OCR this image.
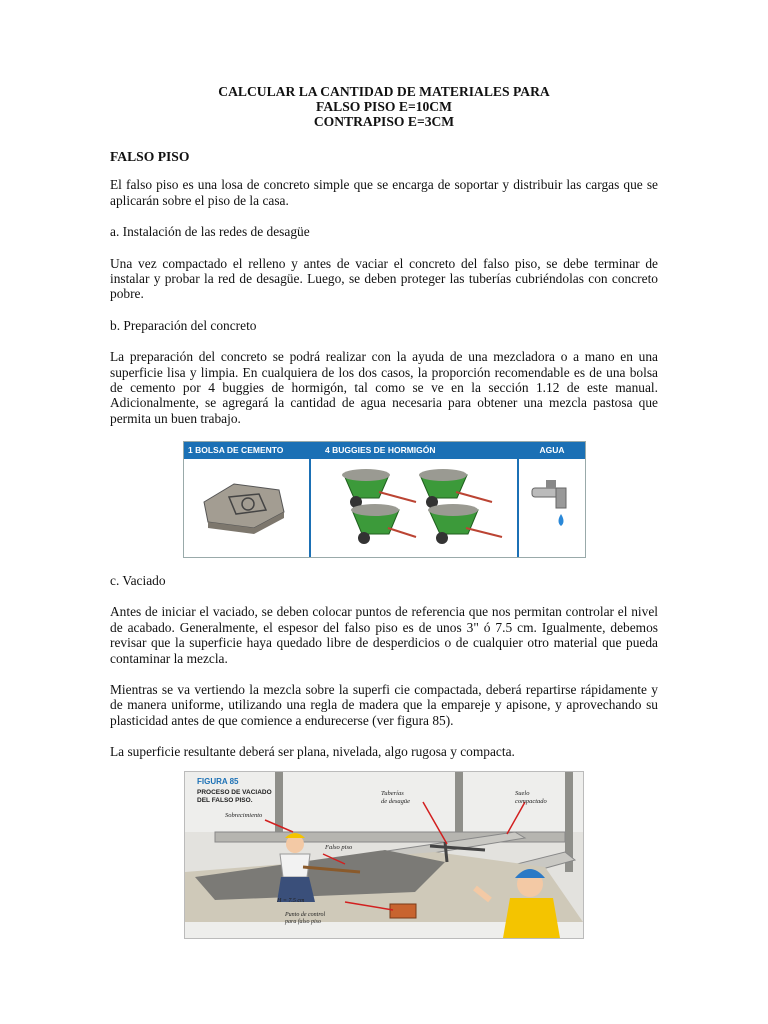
CALCULAR LA CANTIDAD DE MATERIALES PARA
FALSO PISO E=10CM
CONTRAPISO E=3CM
FALSO PISO

El falso piso es una losa de concreto simple que se encarga de soportar y distribuir las cargas que se aplicarán sobre el piso de la casa.

a. Instalación de las redes de desagüe

Una vez compactado el relleno y antes de vaciar el concreto del falso piso, se debe terminar de instalar y probar la red de desagüe. Luego, se deben proteger las tuberías cubriéndolas con concreto pobre.

b. Preparación del concreto

La preparación del concreto se podrá realizar con la ayuda de una mezcladora o a mano en una superficie lisa y limpia. En cualquiera de los dos casos, la proporción recomendable es de una bolsa de cemento por 4 buggies de hormigón, tal como se ve en la sección 1.12 de este manual. Adicionalmente, se agregará la cantidad de agua necesaria para obtener una mezcla pastosa que permita un buen trabajo.

1 BOLSA DE CEMENTO	4 BUGGIES DE HORMIGÓN	AGUA

c. Vaciado

Antes de iniciar el vaciado, se deben colocar puntos de referencia que nos permitan controlar el nivel de acabado. Generalmente, el espesor del falso piso es de unos 3" ó 7.5 cm. Igualmente, debemos revisar que la superficie haya quedado libre de desperdicios o de cualquier otro material que pueda contaminar la mezcla.

Mientras se va vertiendo la mezcla sobre la superfi cie compactada, deberá repartirse rápidamente y de manera uniforme, utilizando una regla de madera que la empareje y apisone, y aprovechando su plasticidad antes de que comience a endurecerse (ver figura 85).

La superficie resultante deberá ser plana, nivelada, algo rugosa y compacta.

FIGURA 85
PROCESO DE VACIADO
DEL FALSO PISO.
Sobrecimiento
Tuberías
de desagüe
Suelo
compactado
Falso piso
H = 7.5 cm
Punto de control
para falso piso
